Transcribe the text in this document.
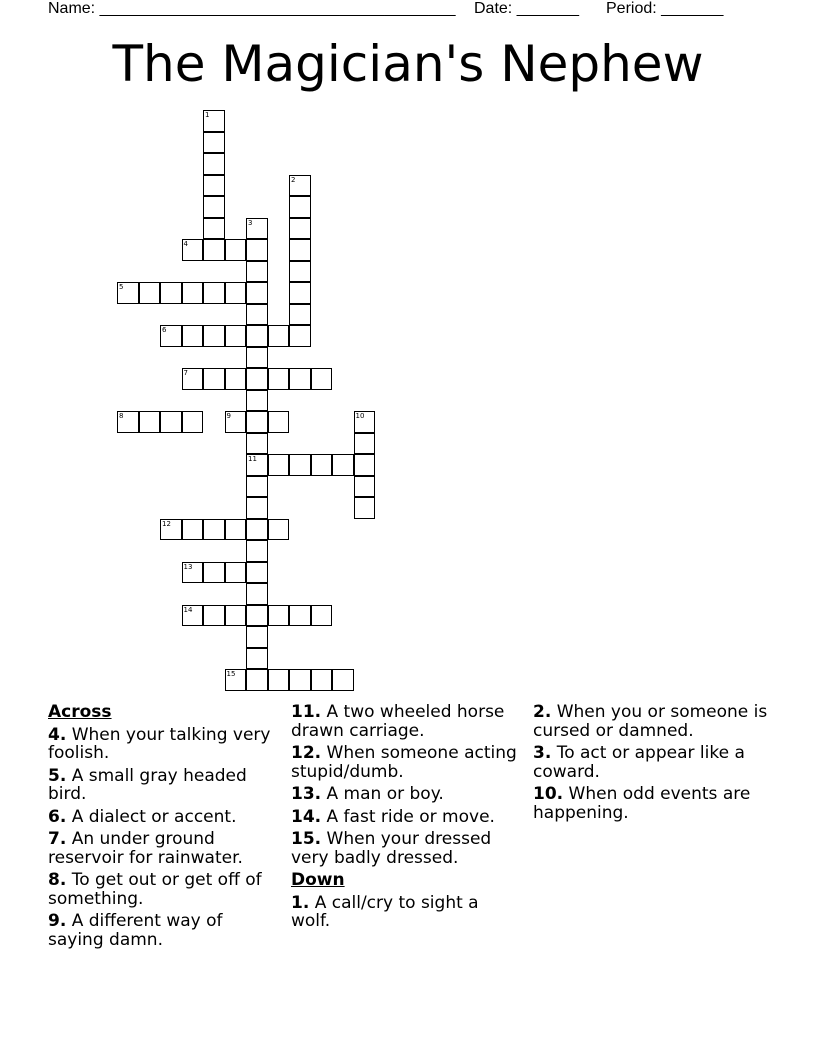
Name: ________________________________________ Date: _______ Period: _______
The Magician's Nephew
1
2
3
11
4
5
6
7
8	9	10
12
13
14
15
Across
4. When your talking very foolish.
5. A small gray headed bird.
6. A dialect or accent.
7. An under ground reservoir for rainwater.
8. To get out or get off of something.
9. A different way of saying damn.
11. A two wheeled horse drawn carriage.
12. When someone acting stupid/dumb.
13. A man or boy.
14. A fast ride or move.
15. When your dressed very badly dressed.
Down
1. A call/cry to sight a wolf.
2. When you or someone is cursed or damned.
3. To act or appear like a coward.
10. When odd events are happening.
